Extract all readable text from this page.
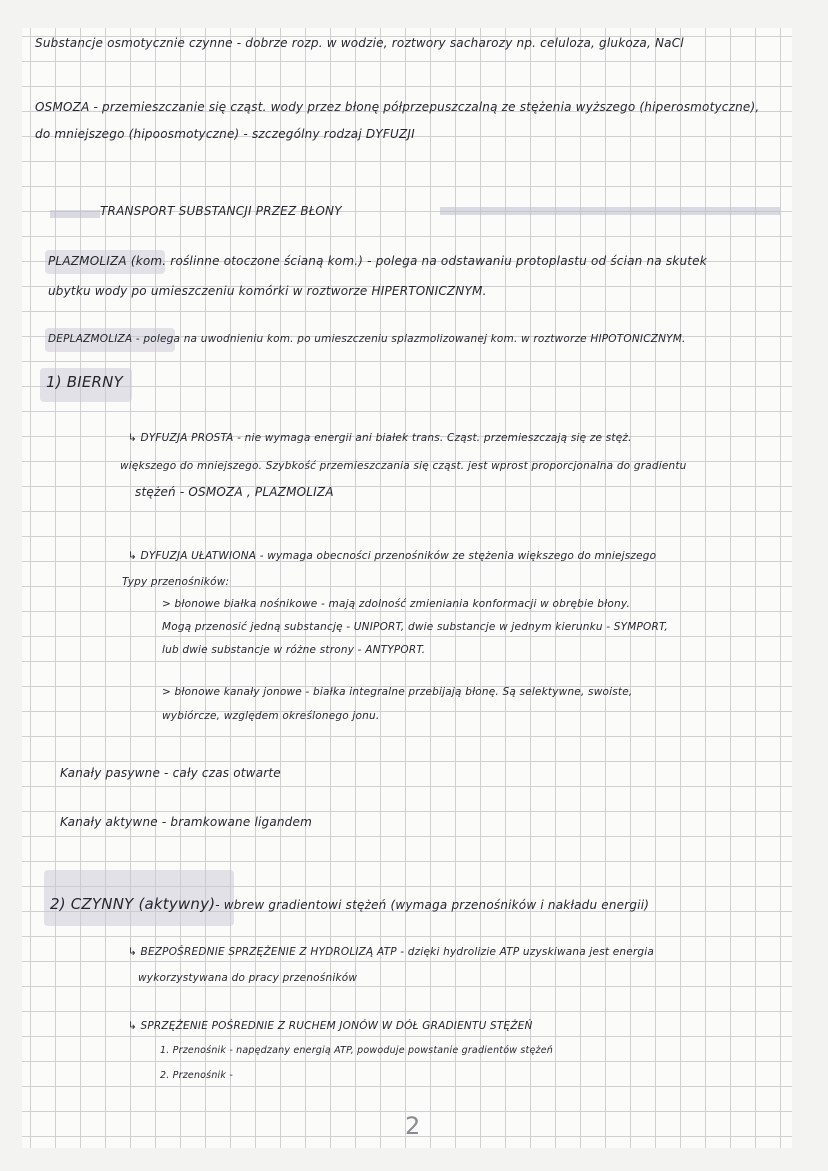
Substancje osmotycznie czynne - dobrze rozp. w wodzie, roztwory sacharozy np. celuloza, glukoza, NaCl
OSMOZA - przemieszczanie się cząst. wody przez błonę półprzepuszczalną ze stężenia wyższego (hiperosmotyczne),
do mniejszego (hipoosmotyczne) - szczególny rodzaj DYFUZJI
TRANSPORT SUBSTANCJI PRZEZ BŁONY
PLAZMOLIZA (kom. roślinne otoczone ścianą kom.) - polega na odstawaniu protoplastu od ścian na skutek
ubytku wody po umieszczeniu komórki w roztworze HIPERTONICZNYM.
DEPLAZMOLIZA - polega na uwodnieniu kom. po umieszczeniu splazmolizowanej kom. w roztworze HIPOTONICZNYM.
1) BIERNY
↳ DYFUZJA PROSTA - nie wymaga energii ani białek trans. Cząst. przemieszczają się ze stęż.
większego do mniejszego. Szybkość przemieszczania się cząst. jest wprost proporcjonalna do gradientu
stężeń - OSMOZA , PLAZMOLIZA
↳ DYFUZJA UŁATWIONA - wymaga obecności przenośników ze stężenia większego do mniejszego
Typy przenośników:
> błonowe białka nośnikowe - mają zdolność zmieniania konformacji w obrębie błony.
Mogą przenosić jedną substancję - UNIPORT, dwie substancje w jednym kierunku - SYMPORT,
lub dwie substancje w różne strony - ANTYPORT.
> błonowe kanały jonowe - białka integralne przebijają błonę. Są selektywne, swoiste,
wybiórcze, względem określonego jonu.
Kanały pasywne - cały czas otwarte
Kanały aktywne - bramkowane ligandem
2) CZYNNY (aktywny)- wbrew gradientowi stężeń (wymaga przenośników i nakładu energii)
↳ BEZPOŚREDNIE SPRZĘŻENIE Z HYDROLIZĄ ATP - dzięki hydrolizie ATP uzyskiwana jest energia
wykorzystywana do pracy przenośników
↳ SPRZĘŻENIE POŚREDNIE Z RUCHEM JONÓW W DÓŁ GRADIENTU STĘŻEŃ
1. Przenośnik - napędzany energią ATP, powoduje powstanie gradientów stężeń
2. Przenośnik -
2
